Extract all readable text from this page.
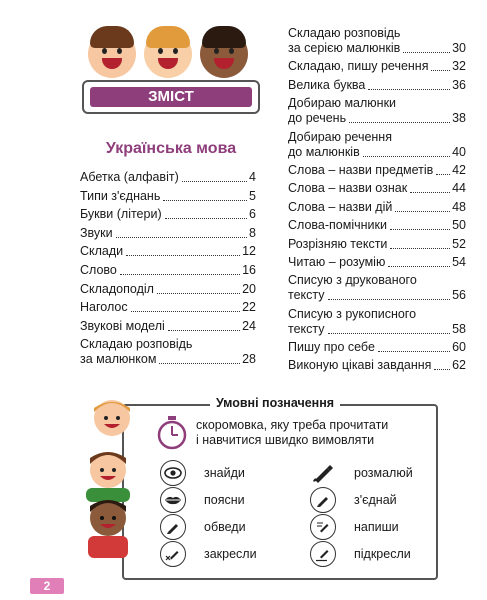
ЗМІСТ
Українська мова
Абетка (алфавіт)	4
Типи з'єднань	5
Букви (літери)	6
Звуки	8
Склади	12
Слово	16
Складоподіл	20
Наголос	22
Звукові моделі	24
Складаю розповідь
за малюнком	28
Складаю розповідь
за серією малюнків	30
Складаю, пишу речення 32
Велика буква	36
Добираю малюнки
до речень	38
Добираю речення
до малюнків	40
Слова – назви предметів 42
Слова – назви ознак	44
Слова – назви дій	48
Слова-помічники	50
Розрізняю тексти	52
Читаю – розумію	54
Списую з друкованого
тексту	56
Списую з рукописного
тексту	58
Пишу про себе	60
Виконую цікаві завдання 62
Умовні позначення
скоромовка, яку треба прочитати
і навчитися швидко вимовляти
знайди
поясни
обведи
закресли
розмалюй
з'єднай
напиши
підкресли
2
